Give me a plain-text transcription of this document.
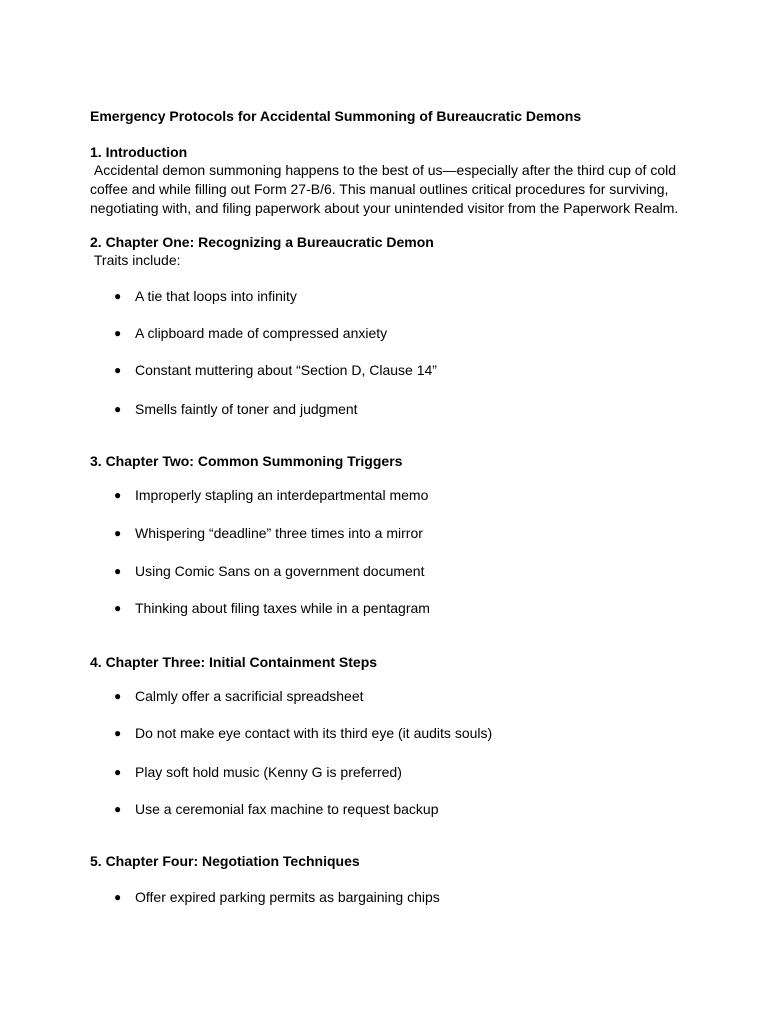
Emergency Protocols for Accidental Summoning of Bureaucratic Demons
1. Introduction

Accidental demon summoning happens to the best of us—especially after the third cup of cold coffee and while filling out Form 27-B/6. This manual outlines critical procedures for surviving, negotiating with, and filing paperwork about your unintended visitor from the Paperwork Realm.

2. Chapter One: Recognizing a Bureaucratic Demon

Traits include:

● A tie that loops into infinity
● A clipboard made of compressed anxiety
● Constant muttering about “Section D, Clause 14”
● Smells faintly of toner and judgment
3. Chapter Two: Common Summoning Triggers
● Improperly stapling an interdepartmental memo
● Whispering “deadline” three times into a mirror
● Using Comic Sans on a government document
● Thinking about filing taxes while in a pentagram
4. Chapter Three: Initial Containment Steps
● Calmly offer a sacrificial spreadsheet
● Do not make eye contact with its third eye (it audits souls)
● Play soft hold music (Kenny G is preferred)
● Use a ceremonial fax machine to request backup
5. Chapter Four: Negotiation Techniques
● Offer expired parking permits as bargaining chips
